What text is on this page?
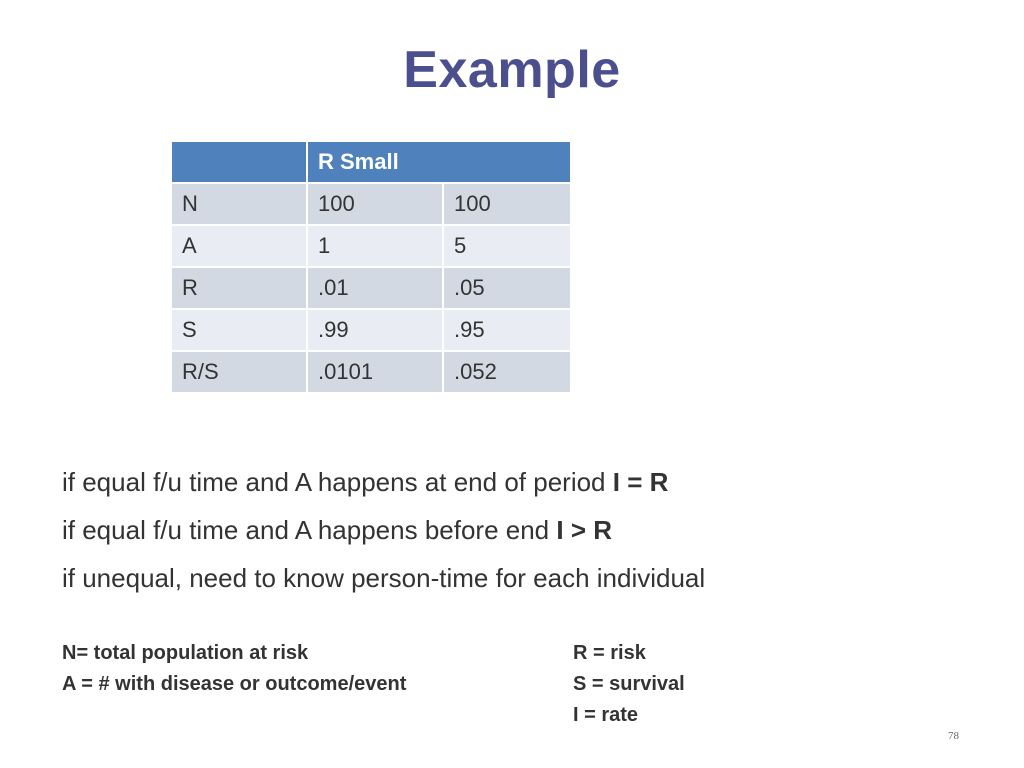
Example
	R Small	
N	100	100
A	1	5
R	.01	.05
S	.99	.95
R/S	.0101	.052
if equal f/u time and A happens at end of period I = R
if equal f/u time and A happens before end I > R
if unequal, need to know person-time for each individual
N= total population at risk
A = # with disease or outcome/event
R = risk
S = survival
I = rate
78
